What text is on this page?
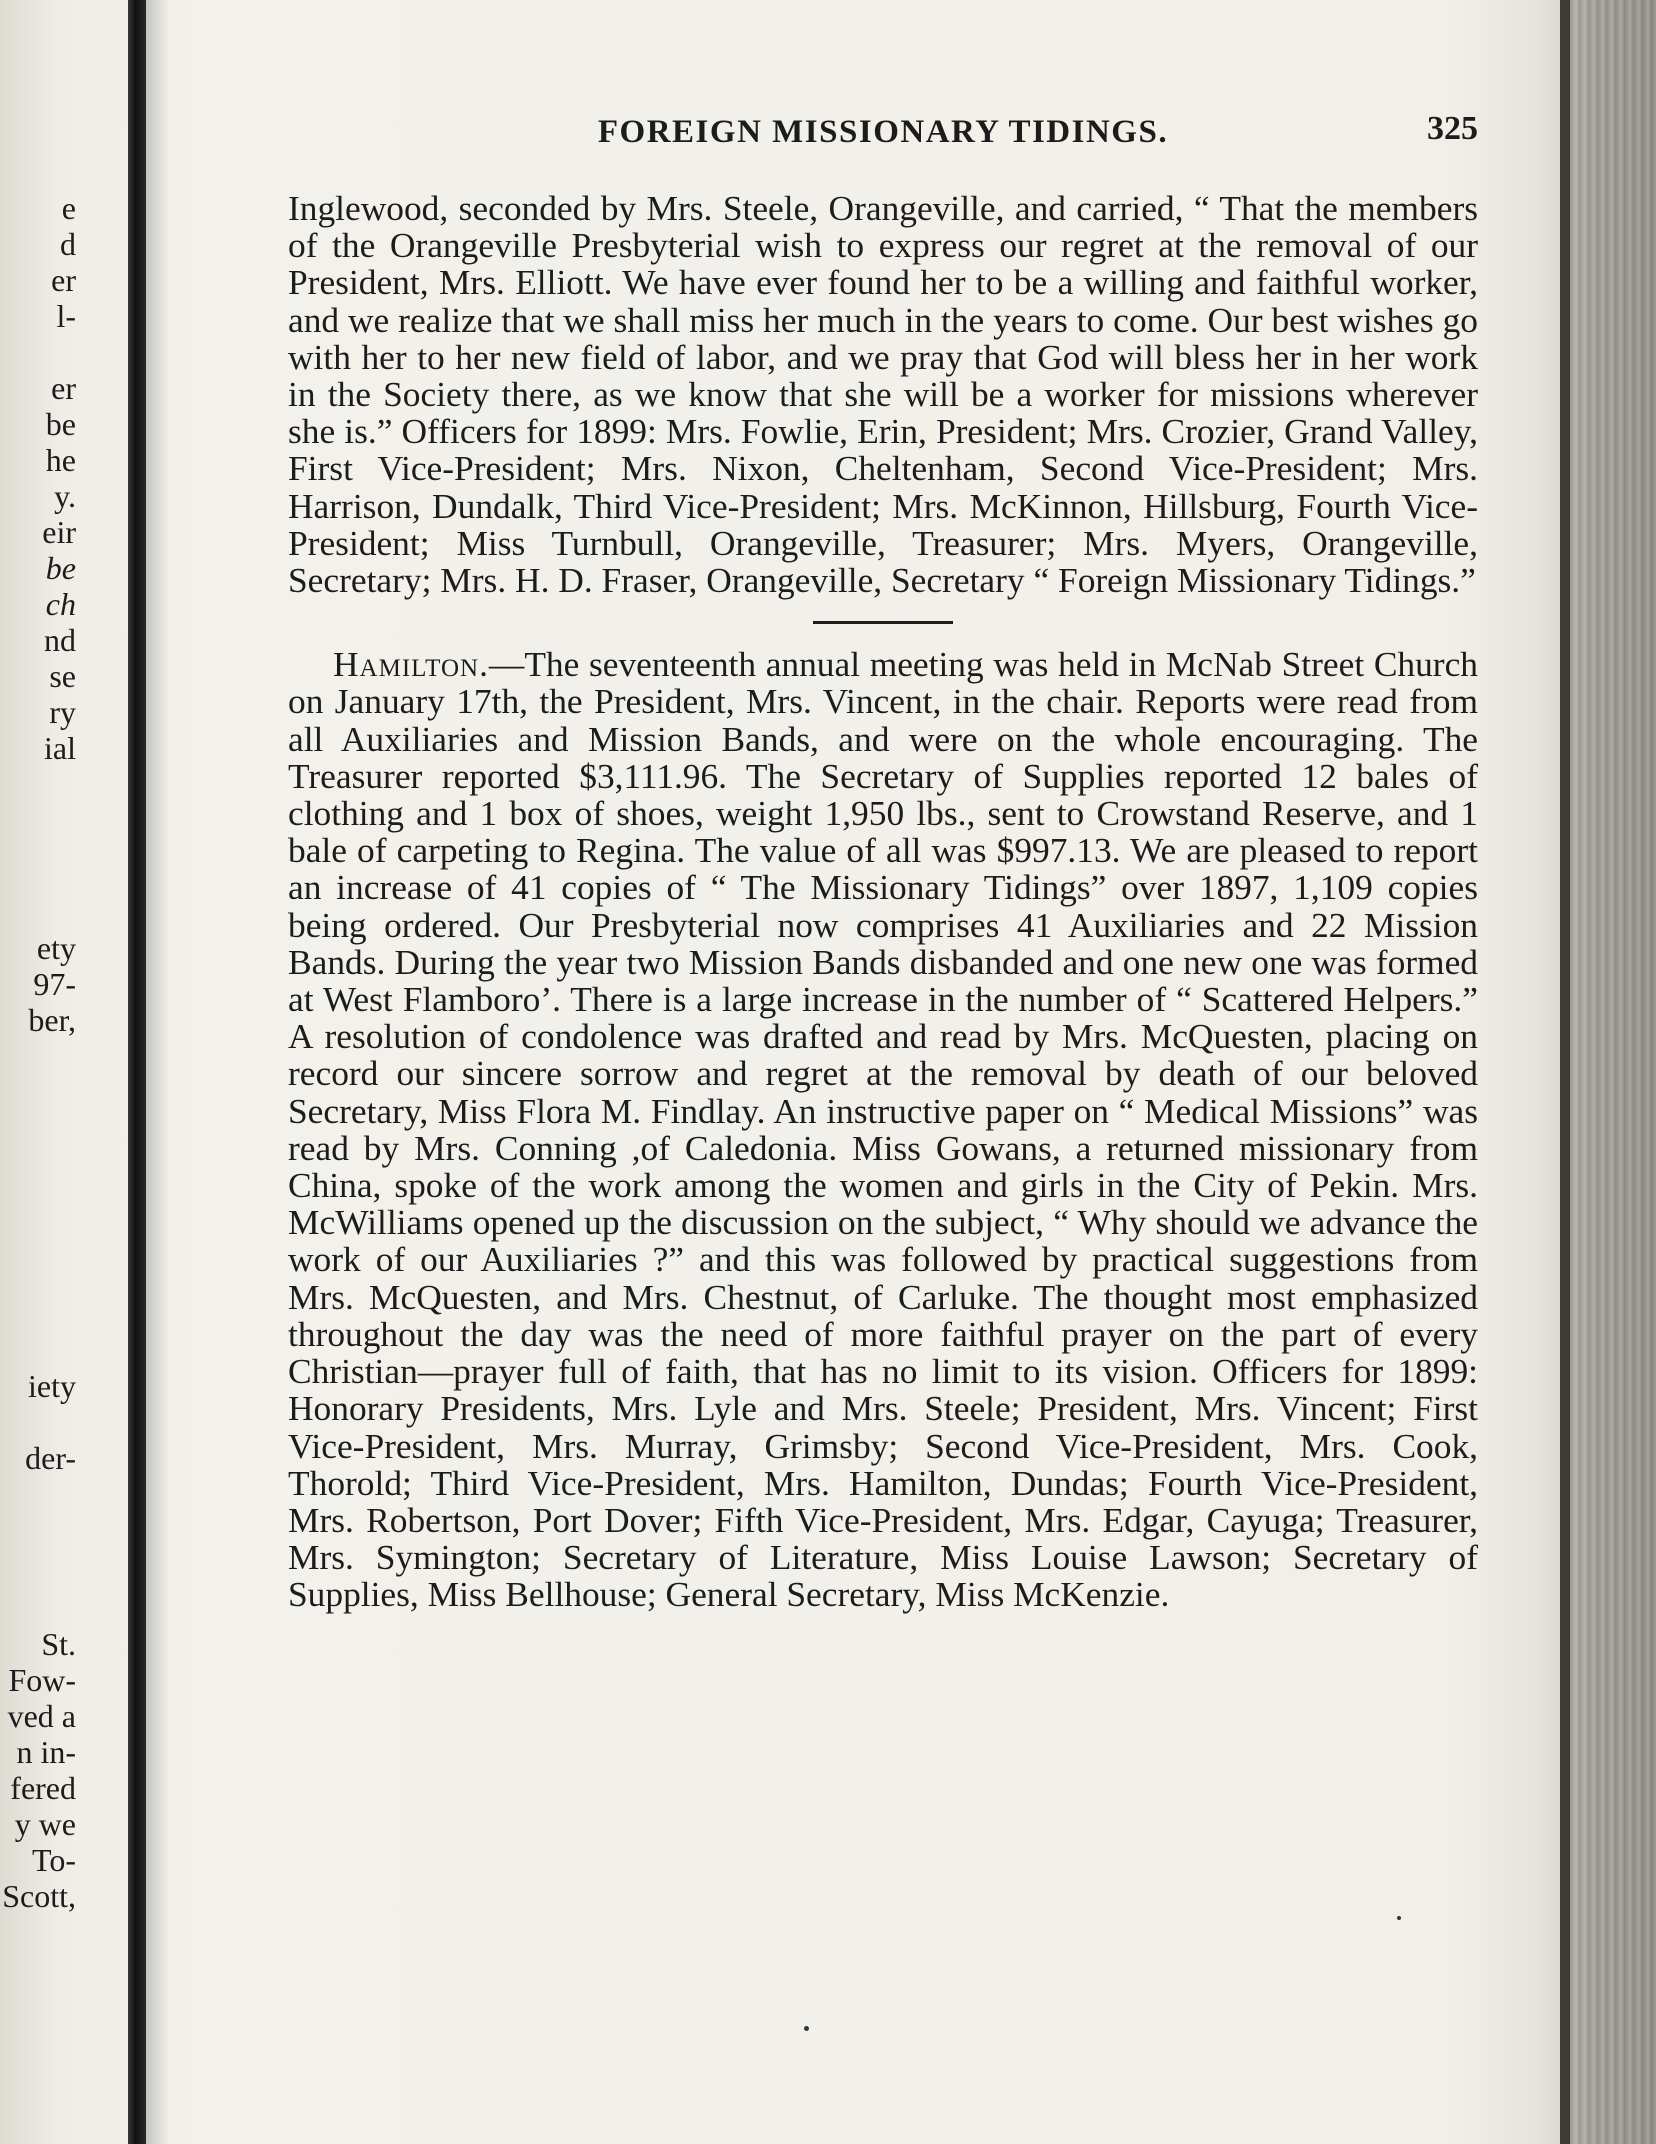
e
d
er
l-
er
be
he
y.
eir
be
ch
nd
se
ry
ial
ety
97-
ber,
iety
der-
St.
Fow-
ved a
n in-
fered
y we
To-
Scott,
FOREIGN MISSIONARY TIDINGS.	325

Inglewood, seconded by Mrs. Steele, Orangeville, and carried, “ That the members of the Orangeville Presbyterial wish to express our regret at the removal of our President, Mrs. Elliott. We have ever found her to be a willing and faithful worker, and we realize that we shall miss her much in the years to come. Our best wishes go with her to her new field of labor, and we pray that God will bless her in her work in the Society there, as we know that she will be a worker for missions wherever she is.” Officers for 1899: Mrs. Fowlie, Erin, President; Mrs. Crozier, Grand Valley, First Vice-President; Mrs. Nixon, Cheltenham, Second Vice-President; Mrs. Harrison, Dundalk, Third Vice-President; Mrs. McKinnon, Hillsburg, Fourth Vice-President; Miss Turnbull, Orangeville, Treasurer; Mrs. Myers, Orangeville, Secretary; Mrs. H. D. Fraser, Orangeville, Secretary “ Foreign Missionary Tidings.”

Hamilton.—The seventeenth annual meeting was held in McNab Street Church on January 17th, the President, Mrs. Vincent, in the chair. Reports were read from all Auxiliaries and Mission Bands, and were on the whole encouraging. The Treasurer reported $3,111.96. The Secretary of Supplies reported 12 bales of clothing and 1 box of shoes, weight 1,950 lbs., sent to Crowstand Reserve, and 1 bale of carpeting to Regina. The value of all was $997.13. We are pleased to report an increase of 41 copies of “ The Missionary Tidings” over 1897, 1,109 copies being ordered. Our Presbyterial now comprises 41 Auxiliaries and 22 Mission Bands. During the year two Mission Bands disbanded and one new one was formed at West Flamboro’. There is a large increase in the number of “ Scattered Helpers.” A resolution of condolence was drafted and read by Mrs. McQuesten, placing on record our sincere sorrow and regret at the removal by death of our beloved Secretary, Miss Flora M. Findlay. An instructive paper on “ Medical Missions” was read by Mrs. Conning ,of Caledonia. Miss Gowans, a returned missionary from China, spoke of the work among the women and girls in the City of Pekin. Mrs. McWilliams opened up the discussion on the subject, “ Why should we advance the work of our Auxiliaries ?” and this was followed by practical suggestions from Mrs. McQuesten, and Mrs. Chestnut, of Carluke. The thought most emphasized throughout the day was the need of more faithful prayer on the part of every Christian—prayer full of faith, that has no limit to its vision. Officers for 1899: Honorary Presidents, Mrs. Lyle and Mrs. Steele; President, Mrs. Vincent; First Vice-President, Mrs. Murray, Grimsby; Second Vice-President, Mrs. Cook, Thorold; Third Vice-President, Mrs. Hamilton, Dundas; Fourth Vice-President, Mrs. Robertson, Port Dover; Fifth Vice-President, Mrs. Edgar, Cayuga; Treasurer, Mrs. Symington; Secretary of Literature, Miss Louise Lawson; Secretary of Supplies, Miss Bellhouse; General Secretary, Miss McKenzie.
